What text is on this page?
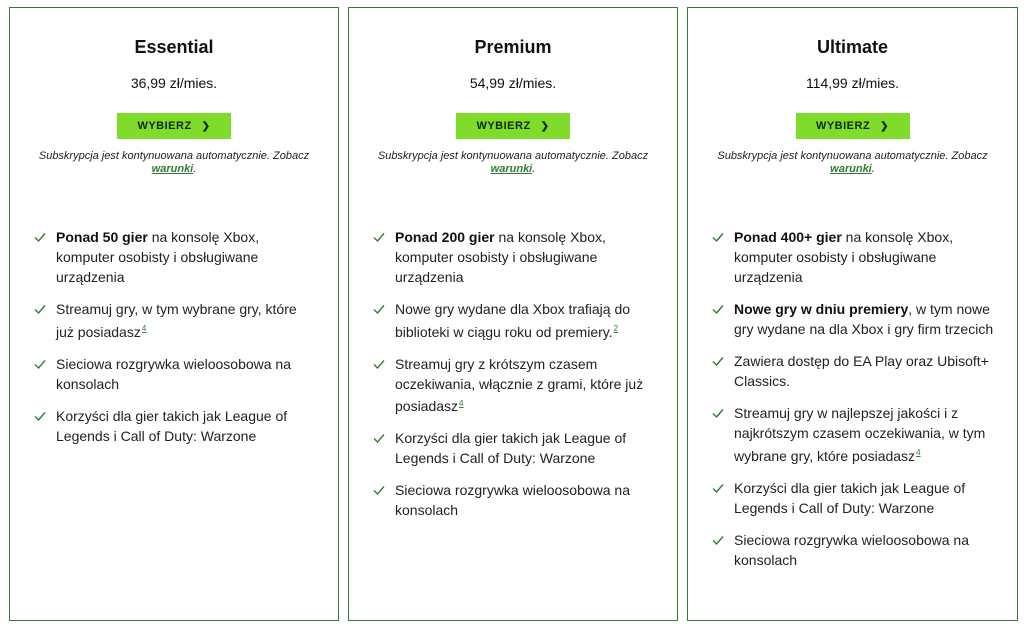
Essential
36,99 zł/mies.
WYBIERZ ❯
Subskrypcja jest kontynuowana automatycznie. Zobacz warunki.
Ponad 50 gier na konsolę Xbox, komputer osobisty i obsługiwane urządzenia
Streamuj gry, w tym wybrane gry, które już posiadasz$^4$
Sieciowa rozgrywka wieloosobowa na konsolach
Korzyści dla gier takich jak League of Legends i Call of Duty: Warzone
Premium
54,99 zł/mies.
WYBIERZ ❯
Subskrypcja jest kontynuowana automatycznie. Zobacz warunki.
Ponad 200 gier na konsolę Xbox, komputer osobisty i obsługiwane urządzenia
Nowe gry wydane dla Xbox trafiają do biblioteki w ciągu roku od premiery.$^2$
Streamuj gry z krótszym czasem oczekiwania, włącznie z grami, które już posiadasz$^4$
Korzyści dla gier takich jak League of Legends i Call of Duty: Warzone
Sieciowa rozgrywka wieloosobowa na konsolach
Ultimate
114,99 zł/mies.
WYBIERZ ❯
Subskrypcja jest kontynuowana automatycznie. Zobacz warunki.
Ponad 400+ gier na konsolę Xbox, komputer osobisty i obsługiwane urządzenia
Nowe gry w dniu premiery, w tym nowe gry wydane na dla Xbox i gry firm trzecich
Zawiera dostęp do EA Play oraz Ubisoft+ Classics.
Streamuj gry w najlepszej jakości i z najkrótszym czasem oczekiwania, w tym wybrane gry, które posiadasz$^4$
Korzyści dla gier takich jak League of Legends i Call of Duty: Warzone
Sieciowa rozgrywka wieloosobowa na konsolach
